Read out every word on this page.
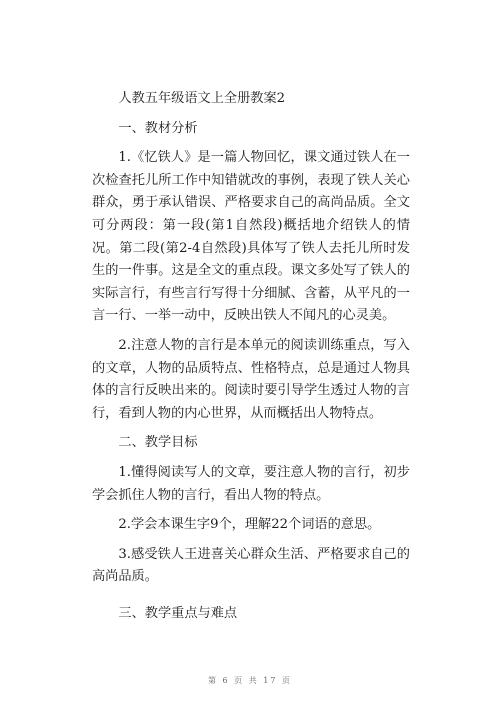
人教五年级语文上全册教案2

一、教材分析

1.《忆铁人》是一篇人物回忆，课文通过铁人在一次检查托儿所工作中知错就改的事例，表现了铁人关心群众，勇于承认错误、严格要求自己的高尚品质。全文可分两段：第一段(第1自然段)概括地介绍铁人的情况。第二段(第2-4自然段)具体写了铁人去托儿所时发生的一件事。这是全文的重点段。课文多处写了铁人的实际言行，有些言行写得十分细腻、含蓄，从平凡的一言一行、一举一动中，反映出铁人不闻凡的心灵美。

2.注意人物的言行是本单元的阅读训练重点，写入的文章，人物的品质特点、性格特点，总是通过人物具体的言行反映出来的。阅读时要引导学生透过人物的言行，看到人物的内心世界，从而概括出人物特点。

二、教学目标

1.懂得阅读写人的文章，要注意人物的言行，初步学会抓住人物的言行，看出人物的特点。

2.学会本课生字9个，理解22个词语的意思。

3.感受铁人王进喜关心群众生活、严格要求自己的高尚品质。

三、教学重点与难点

第 6 页 共 17 页
